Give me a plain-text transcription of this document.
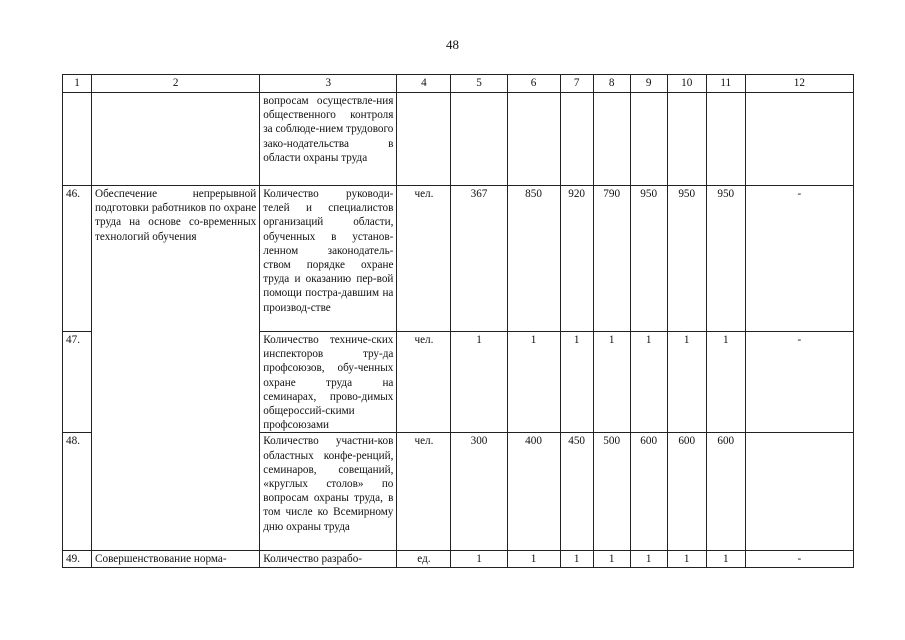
48
1	2	3	4	5	6	7	8	9	10	11	12
		вопросам осуществле-ния общественного контроля за соблюде-нием трудового зако-нодательства в области охраны труда									
46.	Обеспечение непрерывной подготовки работников по охране труда на основе со-временных технологий обучения	Количество руководи-телей и специалистов организаций области, обученных в установ-ленном законодатель-ством порядке охране труда и оказанию пер-вой помощи постра-давшим на производ-стве	чел.	367	850	920	790	950	950	950	-
47.		Количество техниче-ских инспекторов тру-да профсоюзов, обу-ченных охране труда на семинарах, прово-димых общероссий-скими профсоюзами	чел.	1	1	1	1	1	1	1	-
48.		Количество участни-ков областных конфе-ренций, семинаров, совещаний, «круглых столов» по вопросам охраны труда, в том числе ко Всемирному дню охраны труда	чел.	300	400	450	500	600	600	600	
49.	Совершенствование норма-	Количество разрабо-	ед.	1	1	1	1	1	1	1	-
